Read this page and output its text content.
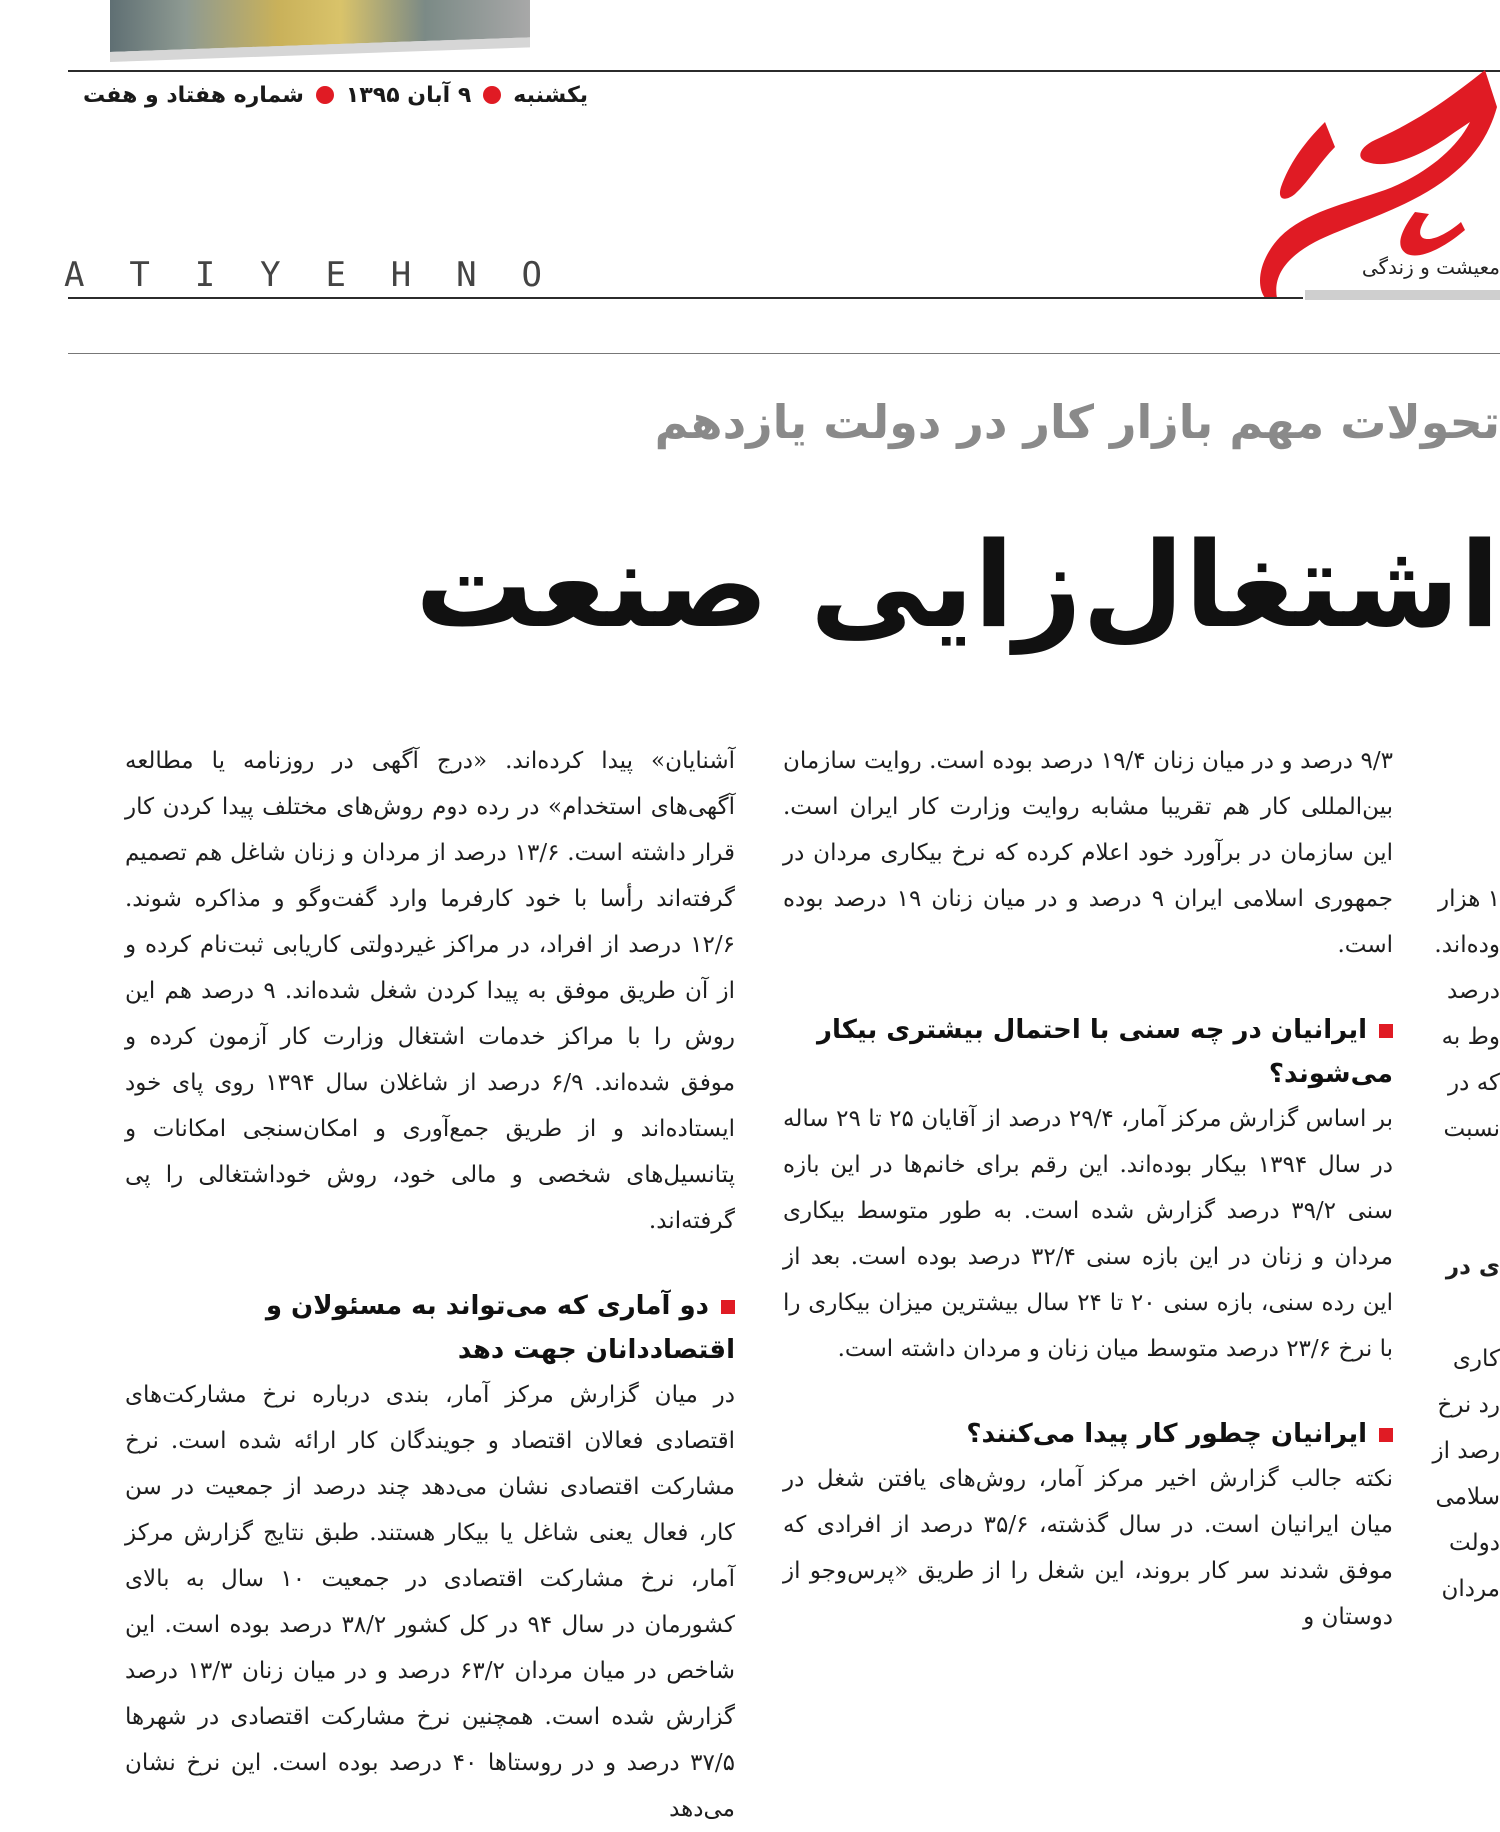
یکشنبه
۹ آبان ۱۳۹۵
شماره هفتاد و هفت
A T I Y E H N O	معیشت و زندگی
تحولات مهم بازار کار در دولت یازدهم
اشتغال‌زایی صنعت

آشنایان» پیدا کرده‌اند. «درج آگهی در روزنامه یا مطالعه آگهی‌های استخدام» در رده دوم روش‌های مختلف پیدا کردن کار قرار داشته است. ۱۳/۶ درصد از مردان و زنان شاغل هم تصمیم گرفته‌اند رأسا با خود کارفرما وارد گفت‌وگو و مذاکره شوند. ۱۲/۶ درصد از افراد، در مراکز غیردولتی کاریابی ثبت‌نام کرده و از آن طریق موفق به پیدا کردن شغل شده‌اند. ۹ درصد هم این روش را با مراکز خدمات اشتغال وزارت کار آزمون کرده و موفق شده‌اند. ۶/۹ درصد از شاغلان سال ۱۳۹۴ روی پای خود ایستاده‌اند و از طریق جمع‌آوری و امکان‌سنجی امکانات و پتانسیل‌های شخصی و مالی خود، روش خوداشتغالی را پی گرفته‌اند.

دو آماری که می‌تواند به مسئولان و اقتصاددانان جهت دهد

در میان گزارش مرکز آمار، بندی درباره نرخ مشارکت‌های اقتصادی فعالان اقتصاد و جویندگان کار ارائه شده است. نرخ مشارکت اقتصادی نشان می‌دهد چند درصد از جمعیت در سن کار، فعال یعنی شاغل یا بیکار هستند. طبق نتایج گزارش مرکز آمار، نرخ مشارکت اقتصادی در جمعیت ۱۰ سال به بالای کشورمان در سال ۹۴ در کل کشور ۳۸/۲ درصد بوده است. این شاخص در میان مردان ۶۳/۲ درصد و در میان زنان ۱۳/۳ درصد گزارش شده است. همچنین نرخ مشارکت اقتصادی در شهرها ۳۷/۵ درصد و در روستاها ۴۰ درصد بوده است. این نرخ نشان می‌دهد

۹/۳ درصد و در میان زنان ۱۹/۴ درصد بوده است. روایت سازمان بین‌المللی کار هم تقریبا مشابه روایت وزارت کار ایران است. این سازمان در برآورد خود اعلام کرده که نرخ بیکاری مردان در جمهوری اسلامی ایران ۹ درصد و در میان زنان ۱۹ درصد بوده است.

ایرانیان در چه سنی با احتمال بیشتری بیکار می‌شوند؟

بر اساس گزارش مرکز آمار، ۲۹/۴ درصد از آقایان ۲۵ تا ۲۹ ساله در سال ۱۳۹۴ بیکار بوده‌اند. این رقم برای خانم‌ها در این بازه سنی ۳۹/۲ درصد گزارش شده است. به طور متوسط بیکاری مردان و زنان در این بازه سنی ۳۲/۴ درصد بوده است. بعد از این رده سنی، بازه سنی ۲۰ تا ۲۴ سال بیشترین میزان بیکاری را با نرخ ۲۳/۶ درصد متوسط میان زنان و مردان داشته است.

ایرانیان چطور کار پیدا می‌کنند؟

نکته جالب گزارش اخیر مرکز آمار، روش‌های یافتن شغل در میان ایرانیان است. در سال گذشته، ۳۵/۶ درصد از افرادی که موفق شدند سر کار بروند، این شغل را از طریق «پرس‌وجو از دوستان و

۱ هزار
وده‌اند.
درصد
وط به
که در
نسبت
ی در
کاری
رد نرخ
رصد از
سلامی
دولت
مردان
